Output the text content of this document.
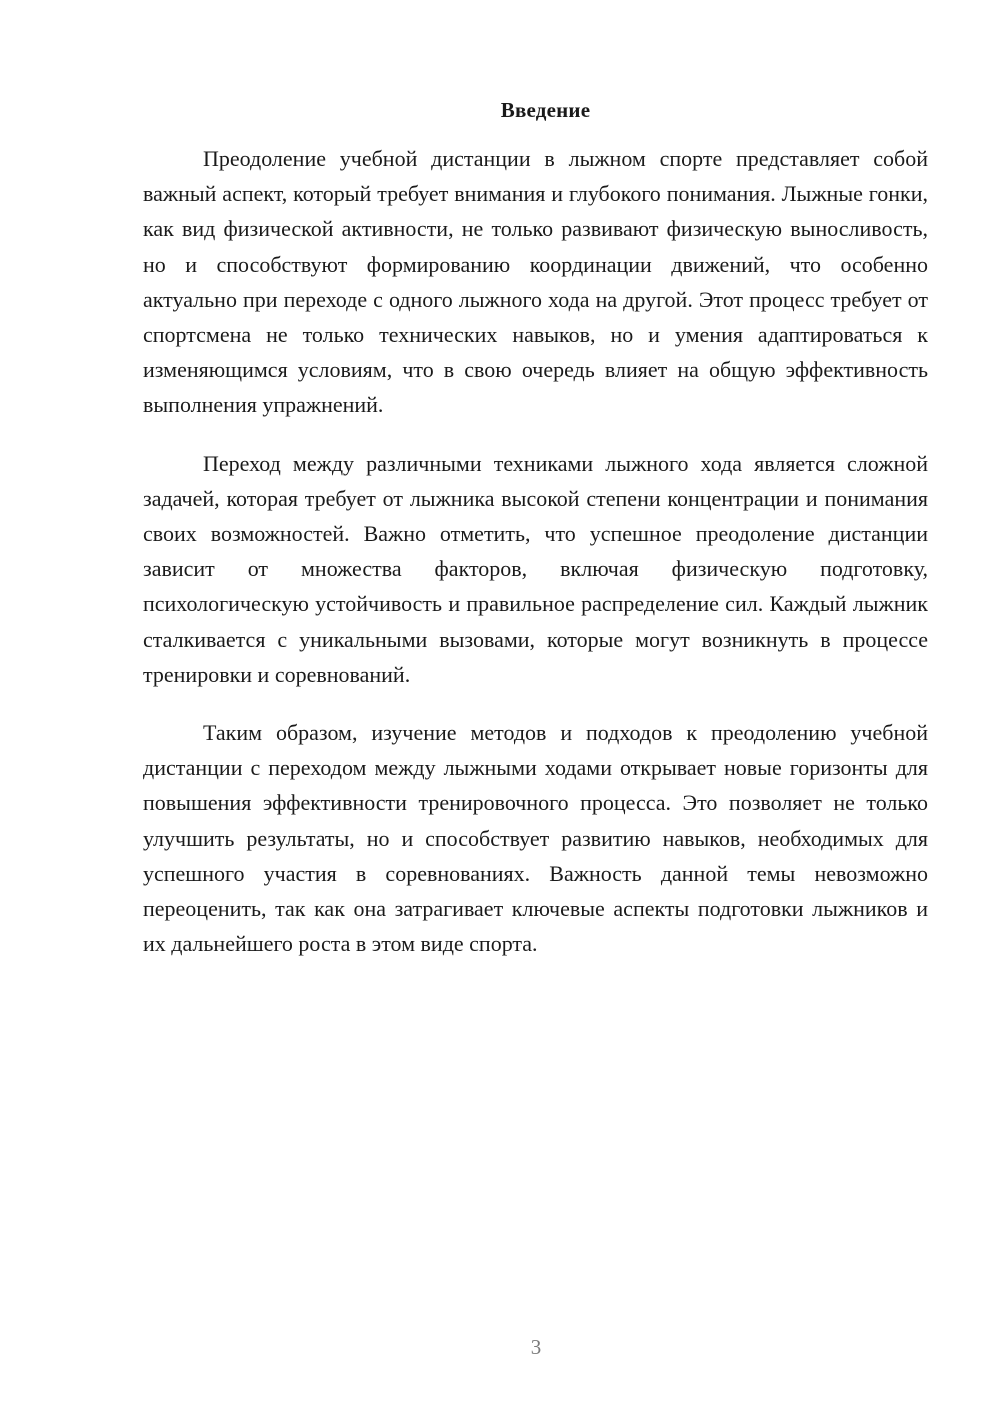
Введение

Преодоление учебной дистанции в лыжном спорте представляет собой важный аспект, который требует внимания и глубокого понимания. Лыжные гонки, как вид физической активности, не только развивают физическую выносливость, но и способствуют формированию координации движений, что особенно актуально при переходе с одного лыжного хода на другой. Этот процесс требует от спортсмена не только технических навыков, но и умения адаптироваться к изменяющимся условиям, что в свою очередь влияет на общую эффективность выполнения упражнений.

Переход между различными техниками лыжного хода является сложной задачей, которая требует от лыжника высокой степени концентрации и понимания своих возможностей. Важно отметить, что успешное преодоление дистанции зависит от множества факторов, включая физическую подготовку, психологическую устойчивость и правильное распределение сил. Каждый лыжник сталкивается с уникальными вызовами, которые могут возникнуть в процессе тренировки и соревнований.

Таким образом, изучение методов и подходов к преодолению учебной дистанции с переходом между лыжными ходами открывает новые горизонты для повышения эффективности тренировочного процесса. Это позволяет не только улучшить результаты, но и способствует развитию навыков, необходимых для успешного участия в соревнованиях. Важность данной темы невозможно переоценить, так как она затрагивает ключевые аспекты подготовки лыжников и их дальнейшего роста в этом виде спорта.

3
